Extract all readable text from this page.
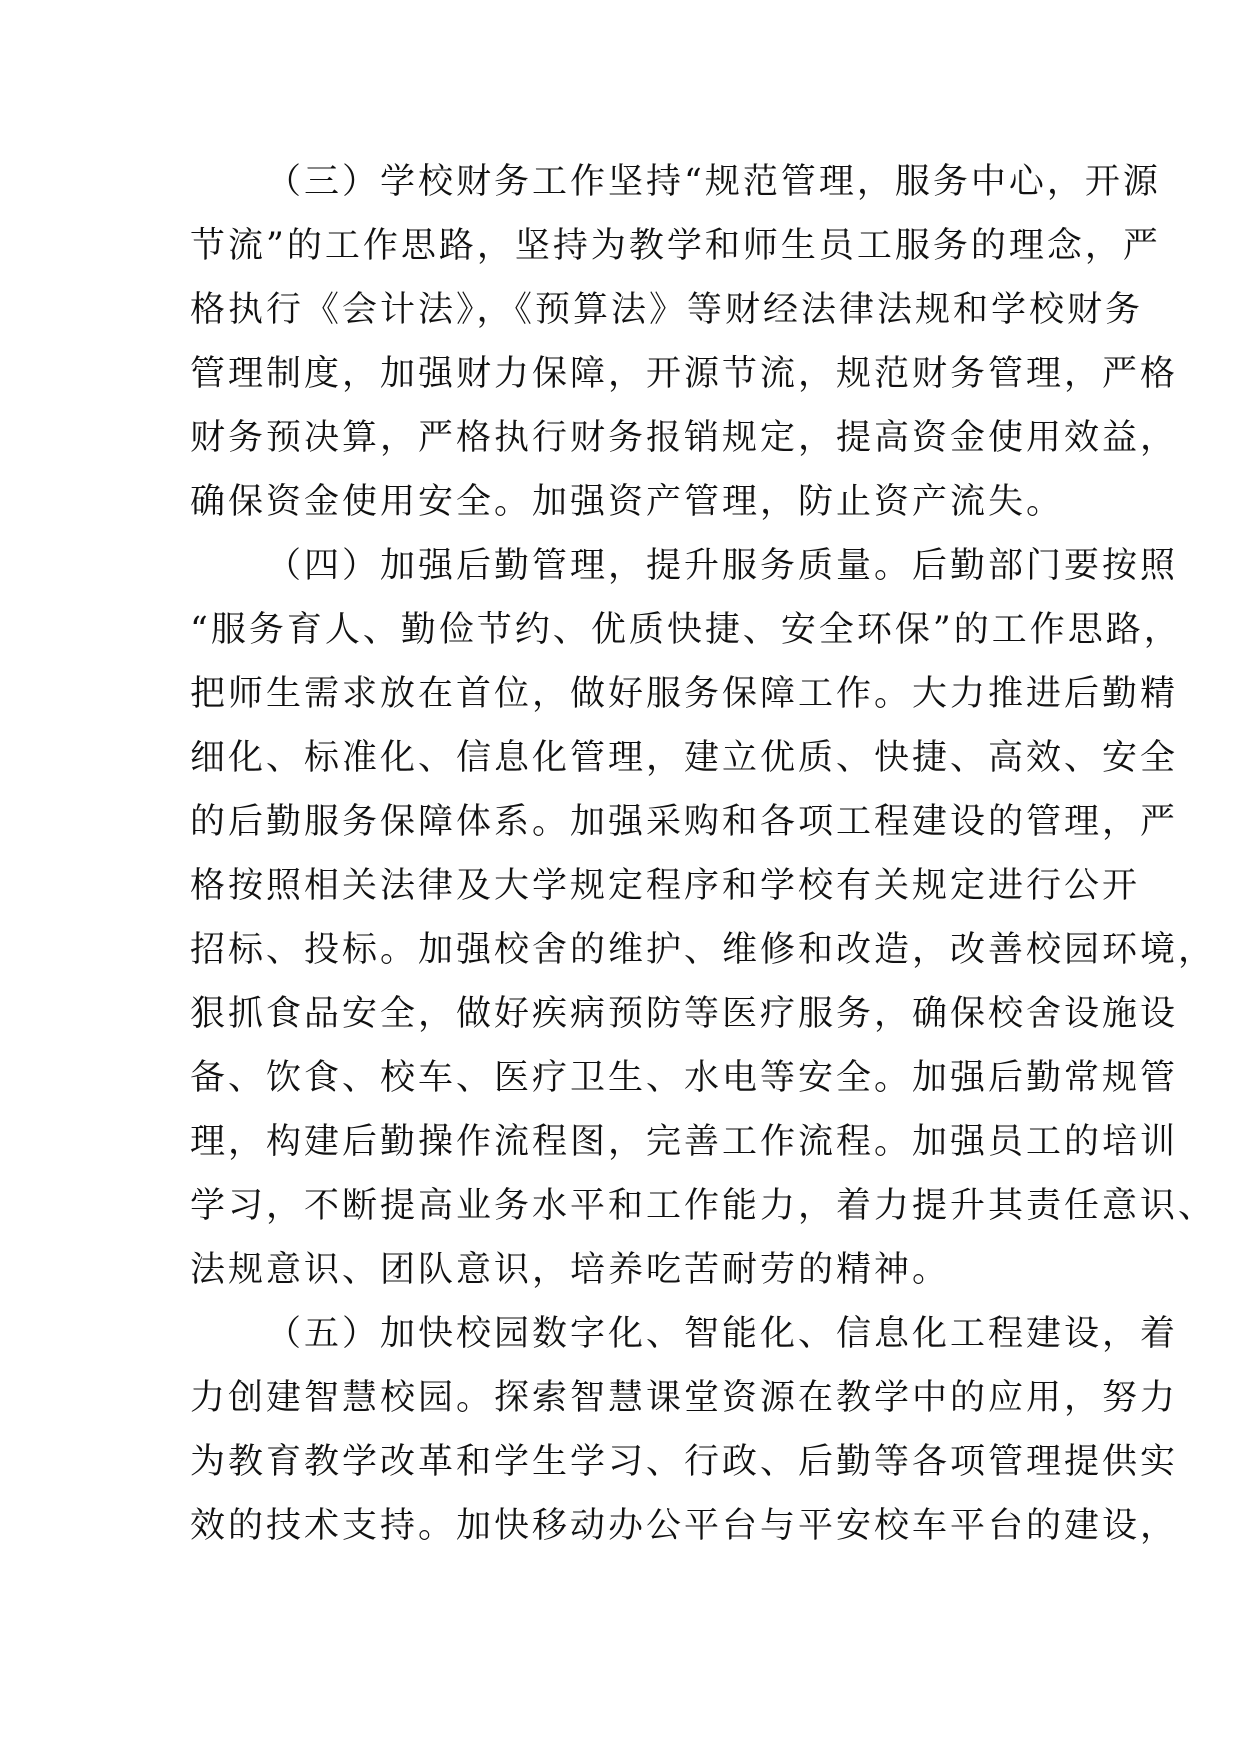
（三）学校财务工作坚持“规范管理，服务中心，开源
节流”的工作思路，坚持为教学和师生员工服务的理念，严
格执行《会计法》，《预算法》等财经法律法规和学校财务
管理制度，加强财力保障，开源节流，规范财务管理，严格
财务预决算，严格执行财务报销规定，提高资金使用效益，
确保资金使用安全。加强资产管理，防止资产流失。
（四）加强后勤管理，提升服务质量。后勤部门要按照
“服务育人、勤俭节约、优质快捷、安全环保”的工作思路，
把师生需求放在首位，做好服务保障工作。大力推进后勤精
细化、标准化、信息化管理，建立优质、快捷、高效、安全
的后勤服务保障体系。加强采购和各项工程建设的管理，严
格按照相关法律及大学规定程序和学校有关规定进行公开
招标、投标。加强校舍的维护、维修和改造，改善校园环境，
狠抓食品安全，做好疾病预防等医疗服务，确保校舍设施设
备、饮食、校车、医疗卫生、水电等安全。加强后勤常规管
理，构建后勤操作流程图，完善工作流程。加强员工的培训
学习，不断提高业务水平和工作能力，着力提升其责任意识、
法规意识、团队意识，培养吃苦耐劳的精神。
（五）加快校园数字化、智能化、信息化工程建设，着
力创建智慧校园。探索智慧课堂资源在教学中的应用，努力
为教育教学改革和学生学习、行政、后勤等各项管理提供实
效的技术支持。加快移动办公平台与平安校车平台的建设，
